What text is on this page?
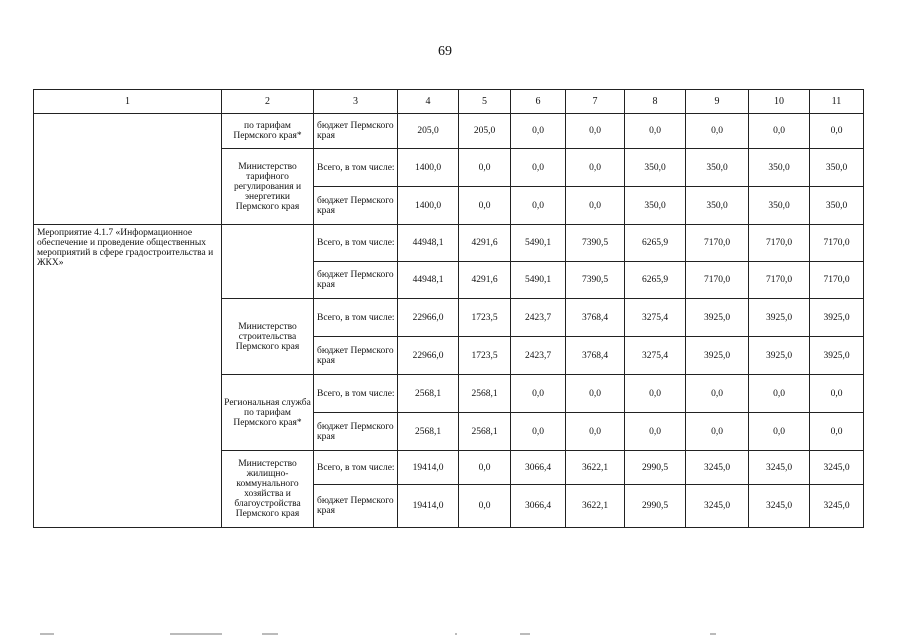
69
1	2	3	4	5	6	7	8	9	10	11
	по тарифам Пермского края*	бюджет Пермского края	205,0	205,0	0,0	0,0	0,0	0,0	0,0	0,0
	Министерство тарифного регулирования и энергетики Пермского края	Всего, в том числе:	1400,0	0,0	0,0	0,0	350,0	350,0	350,0	350,0
		бюджет Пермского края	1400,0	0,0	0,0	0,0	350,0	350,0	350,0	350,0
Мероприятие 4.1.7 «Информационное обеспечение и проведение общественных мероприятий в сфере градостроительства и ЖКХ»		Всего, в том числе:	44948,1	4291,6	5490,1	7390,5	6265,9	7170,0	7170,0	7170,0
		бюджет Пермского края	44948,1	4291,6	5490,1	7390,5	6265,9	7170,0	7170,0	7170,0
	Министерство строительства Пермского края	Всего, в том числе:	22966,0	1723,5	2423,7	3768,4	3275,4	3925,0	3925,0	3925,0
		бюджет Пермского края	22966,0	1723,5	2423,7	3768,4	3275,4	3925,0	3925,0	3925,0
	Региональная служба по тарифам Пермского края*	Всего, в том числе:	2568,1	2568,1	0,0	0,0	0,0	0,0	0,0	0,0
		бюджет Пермского края	2568,1	2568,1	0,0	0,0	0,0	0,0	0,0	0,0
	Министерство жилищно-коммунального хозяйства и благоустройства Пермского края	Всего, в том числе:	19414,0	0,0	3066,4	3622,1	2990,5	3245,0	3245,0	3245,0
		бюджет Пермского края	19414,0	0,0	3066,4	3622,1	2990,5	3245,0	3245,0	3245,0
